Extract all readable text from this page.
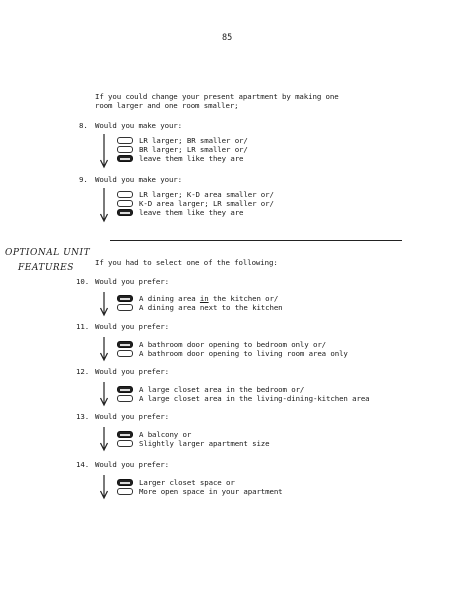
85
If you could change your present apartment by making one
room larger and one room smaller;
8. Would you make your:
LR larger; BR smaller or/
BR larger; LR smaller or/
leave them like they are
9. Would you make your:
LR larger; K-D area smaller or/
K-D area larger; LR smaller or/
leave them like they are
OPTIONAL UNIT
FEATURES
If you had to select one of the following:
10. Would you prefer:
A dining area in the kitchen or/
A dining area next to the kitchen
11. Would you prefer:
A bathroom door opening to bedroom only or/
A bathroom door opening to living room area only
12. Would you prefer:
A large closet area in the bedroom or/
A large closet area in the living-dining-kitchen area
13. Would you prefer:
A balcony or
Slightly larger apartment size
14. Would you prefer:
Larger closet space or
More open space in your apartment
